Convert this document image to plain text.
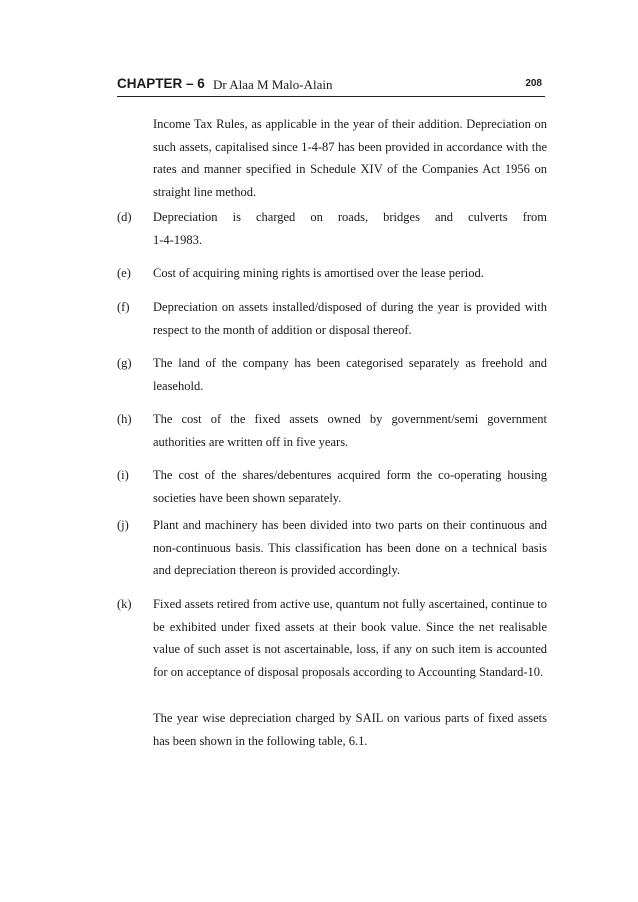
CHAPTER – 6 Dr Alaa M Malo-Alain	208
Income Tax Rules, as applicable in the year of their addition. Depreciation on such assets, capitalised since 1-4-87 has been provided in accordance with the rates and manner specified in Schedule XIV of the Companies Act 1956 on straight line method.
(d) Depreciation is charged on roads, bridges and culverts from
1-4-1983.
(e) Cost of acquiring mining rights is amortised over the lease period.
(f) Depreciation on assets installed/disposed of during the year is provided with respect to the month of addition or disposal thereof.
(g) The land of the company has been categorised separately as freehold and leasehold.
(h) The cost of the fixed assets owned by government/semi government authorities are written off in five years.
(i) The cost of the shares/debentures acquired form the co-operating housing societies have been shown separately.
(j) Plant and machinery has been divided into two parts on their continuous and non-continuous basis. This classification has been done on a technical basis and depreciation thereon is provided accordingly.
(k) Fixed assets retired from active use, quantum not fully ascertained, continue to be exhibited under fixed assets at their book value. Since the net realisable value of such asset is not ascertainable, loss, if any on such item is accounted for on acceptance of disposal proposals according to Accounting Standard-10.
The year wise depreciation charged by SAIL on various parts of fixed assets has been shown in the following table, 6.1.
